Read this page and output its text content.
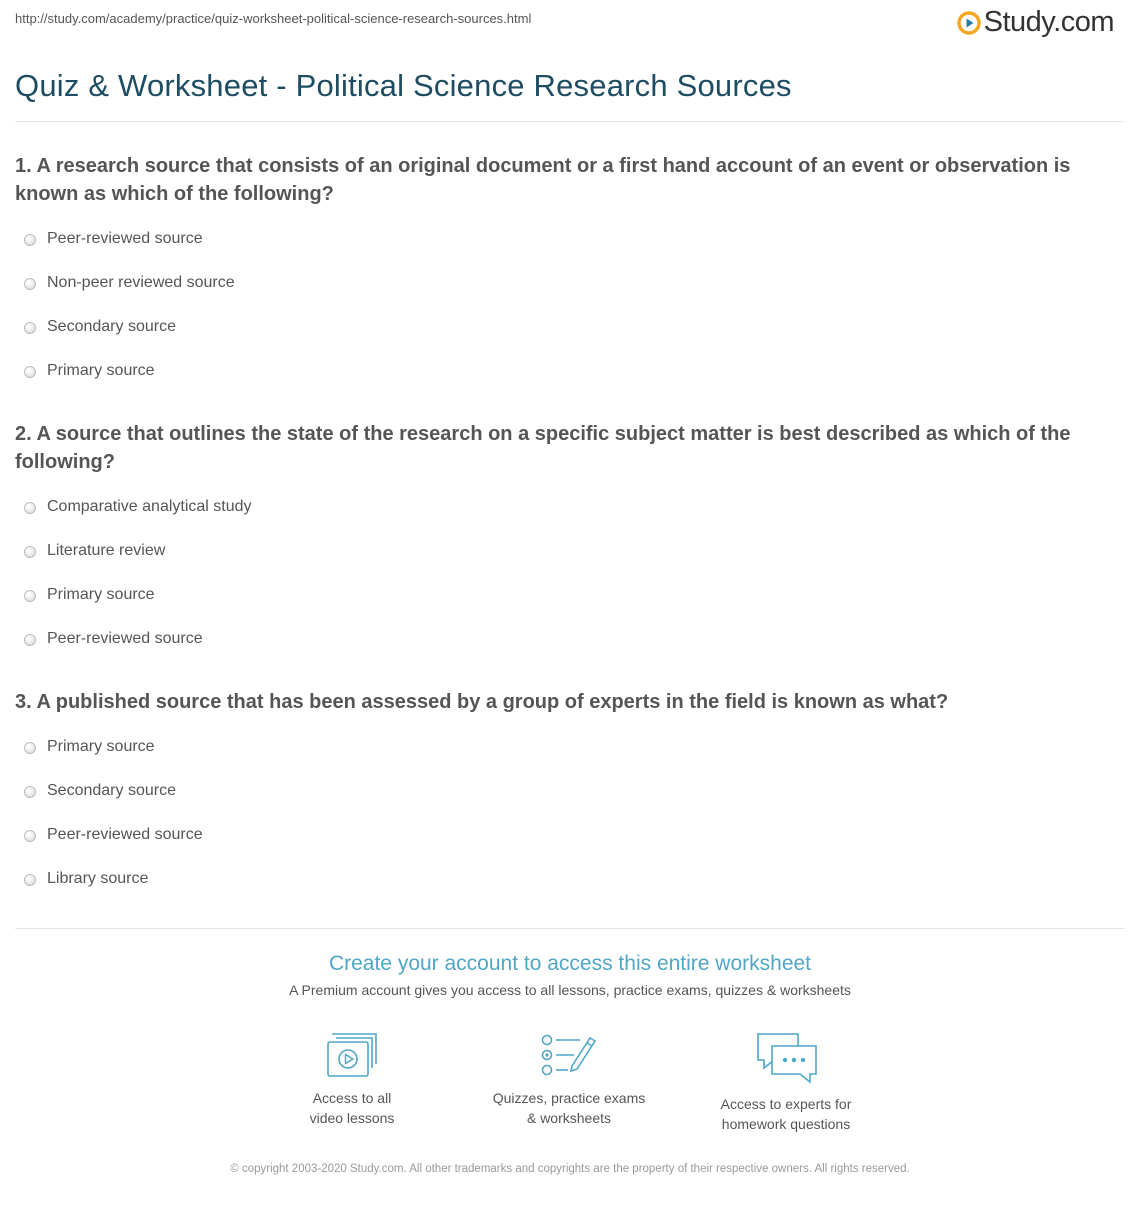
http://study.com/academy/practice/quiz-worksheet-political-science-research-sources.html	Study.com
Quiz & Worksheet - Political Science Research Sources

1. A research source that consists of an original document or a first hand account of an event or observation is known as which of the following?

Peer-reviewed source
Non-peer reviewed source
Secondary source
Primary source

2. A source that outlines the state of the research on a specific subject matter is best described as which of the following?

Comparative analytical study
Literature review
Primary source
Peer-reviewed source

3. A published source that has been assessed by a group of experts in the field is known as what?

Primary source
Secondary source
Peer-reviewed source
Library source
Create your account to access this entire worksheet
A Premium account gives you access to all lessons, practice exams, quizzes & worksheets
Access to all
video lessons
Quizzes, practice exams
& worksheets
Access to experts for
homework questions
© copyright 2003-2020 Study.com. All other trademarks and copyrights are the property of their respective owners. All rights reserved.
